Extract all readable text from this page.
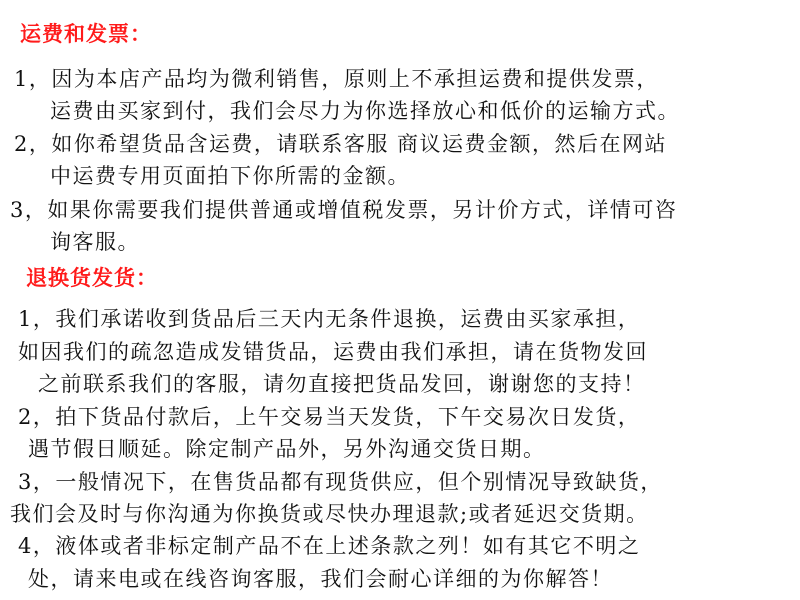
运费和发票：
1，因为本店产品均为微利销售，原则上不承担运费和提供发票，
运费由买家到付，我们会尽力为你选择放心和低价的运输方式。
2，如你希望货品含运费，请联系客服 商议运费金额，然后在网站
中运费专用页面拍下你所需的金额。
3，如果你需要我们提供普通或增值税发票，另计价方式，详情可咨
询客服。
退换货发货：
1，我们承诺收到货品后三天内无条件退换，运费由买家承担，
如因我们的疏忽造成发错货品，运费由我们承担，请在货物发回
之前联系我们的客服，请勿直接把货品发回，谢谢您的支持！
2，拍下货品付款后，上午交易当天发货，下午交易次日发货，
遇节假日顺延。除定制产品外，另外沟通交货日期。
3，一般情况下，在售货品都有现货供应，但个别情况导致缺货，
我们会及时与你沟通为你换货或尽快办理退款;或者延迟交货期。
4，液体或者非标定制产品不在上述条款之列！如有其它不明之
处，请来电或在线咨询客服，我们会耐心详细的为你解答！
